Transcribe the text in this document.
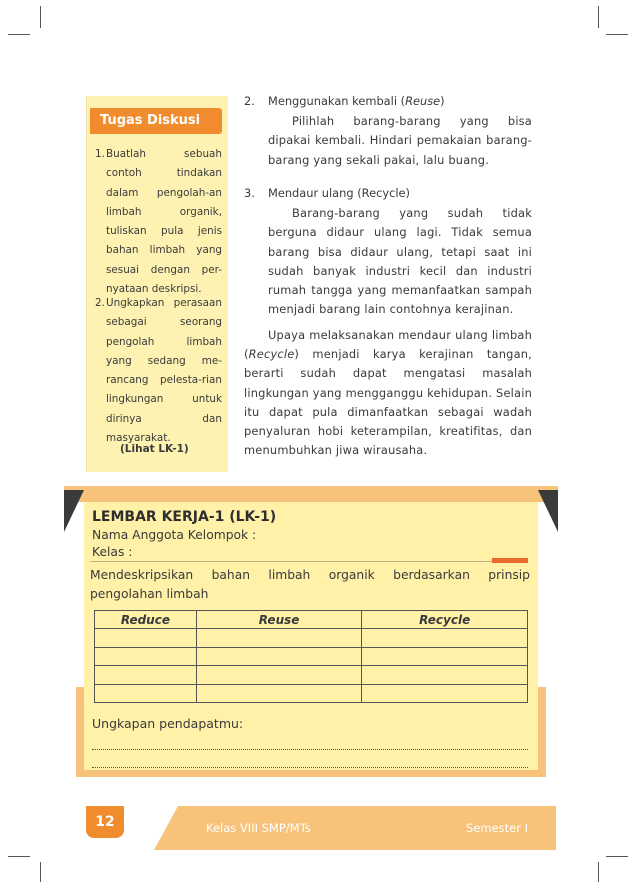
Tugas Diskusi
1. Buatlah sebuah contoh tindakan dalam pengolah-an limbah organik, tuliskan pula jenis bahan limbah yang sesuai dengan per-nyataan deskripsi.
2. Ungkapkan perasaan sebagai seorang pengolah limbah yang sedang me-rancang pelesta-rian lingkungan untuk dirinya dan masyarakat.
(Lihat LK-1)
2. Menggunakan kembali (Reuse)
Pilihlah barang-barang yang bisa dipakai kembali. Hindari pemakaian barang-barang yang sekali pakai, lalu buang.
3. Mendaur ulang (Recycle)
Barang-barang yang sudah tidak berguna didaur ulang lagi. Tidak semua barang bisa didaur ulang, tetapi saat ini sudah banyak industri kecil dan industri rumah tangga yang memanfaatkan sampah menjadi barang lain contohnya kerajinan.
Upaya melaksanakan mendaur ulang limbah (Recycle) menjadi karya kerajinan tangan, berarti sudah dapat mengatasi masalah lingkungan yang mengganggu kehidupan. Selain itu dapat pula dimanfaatkan sebagai wadah penyaluran hobi keterampilan, kreatifitas, dan menumbuhkan jiwa wirausaha.
LEMBAR KERJA-1 (LK-1)
Nama Anggota Kelompok :
Kelas :
Mendeskripsikan bahan limbah organik berdasarkan prinsip pengolahan limbah
Reduce	Reuse	Recycle

Ungkapan pendapatmu:
12	Kelas VIII SMP/MTs	Semester I
